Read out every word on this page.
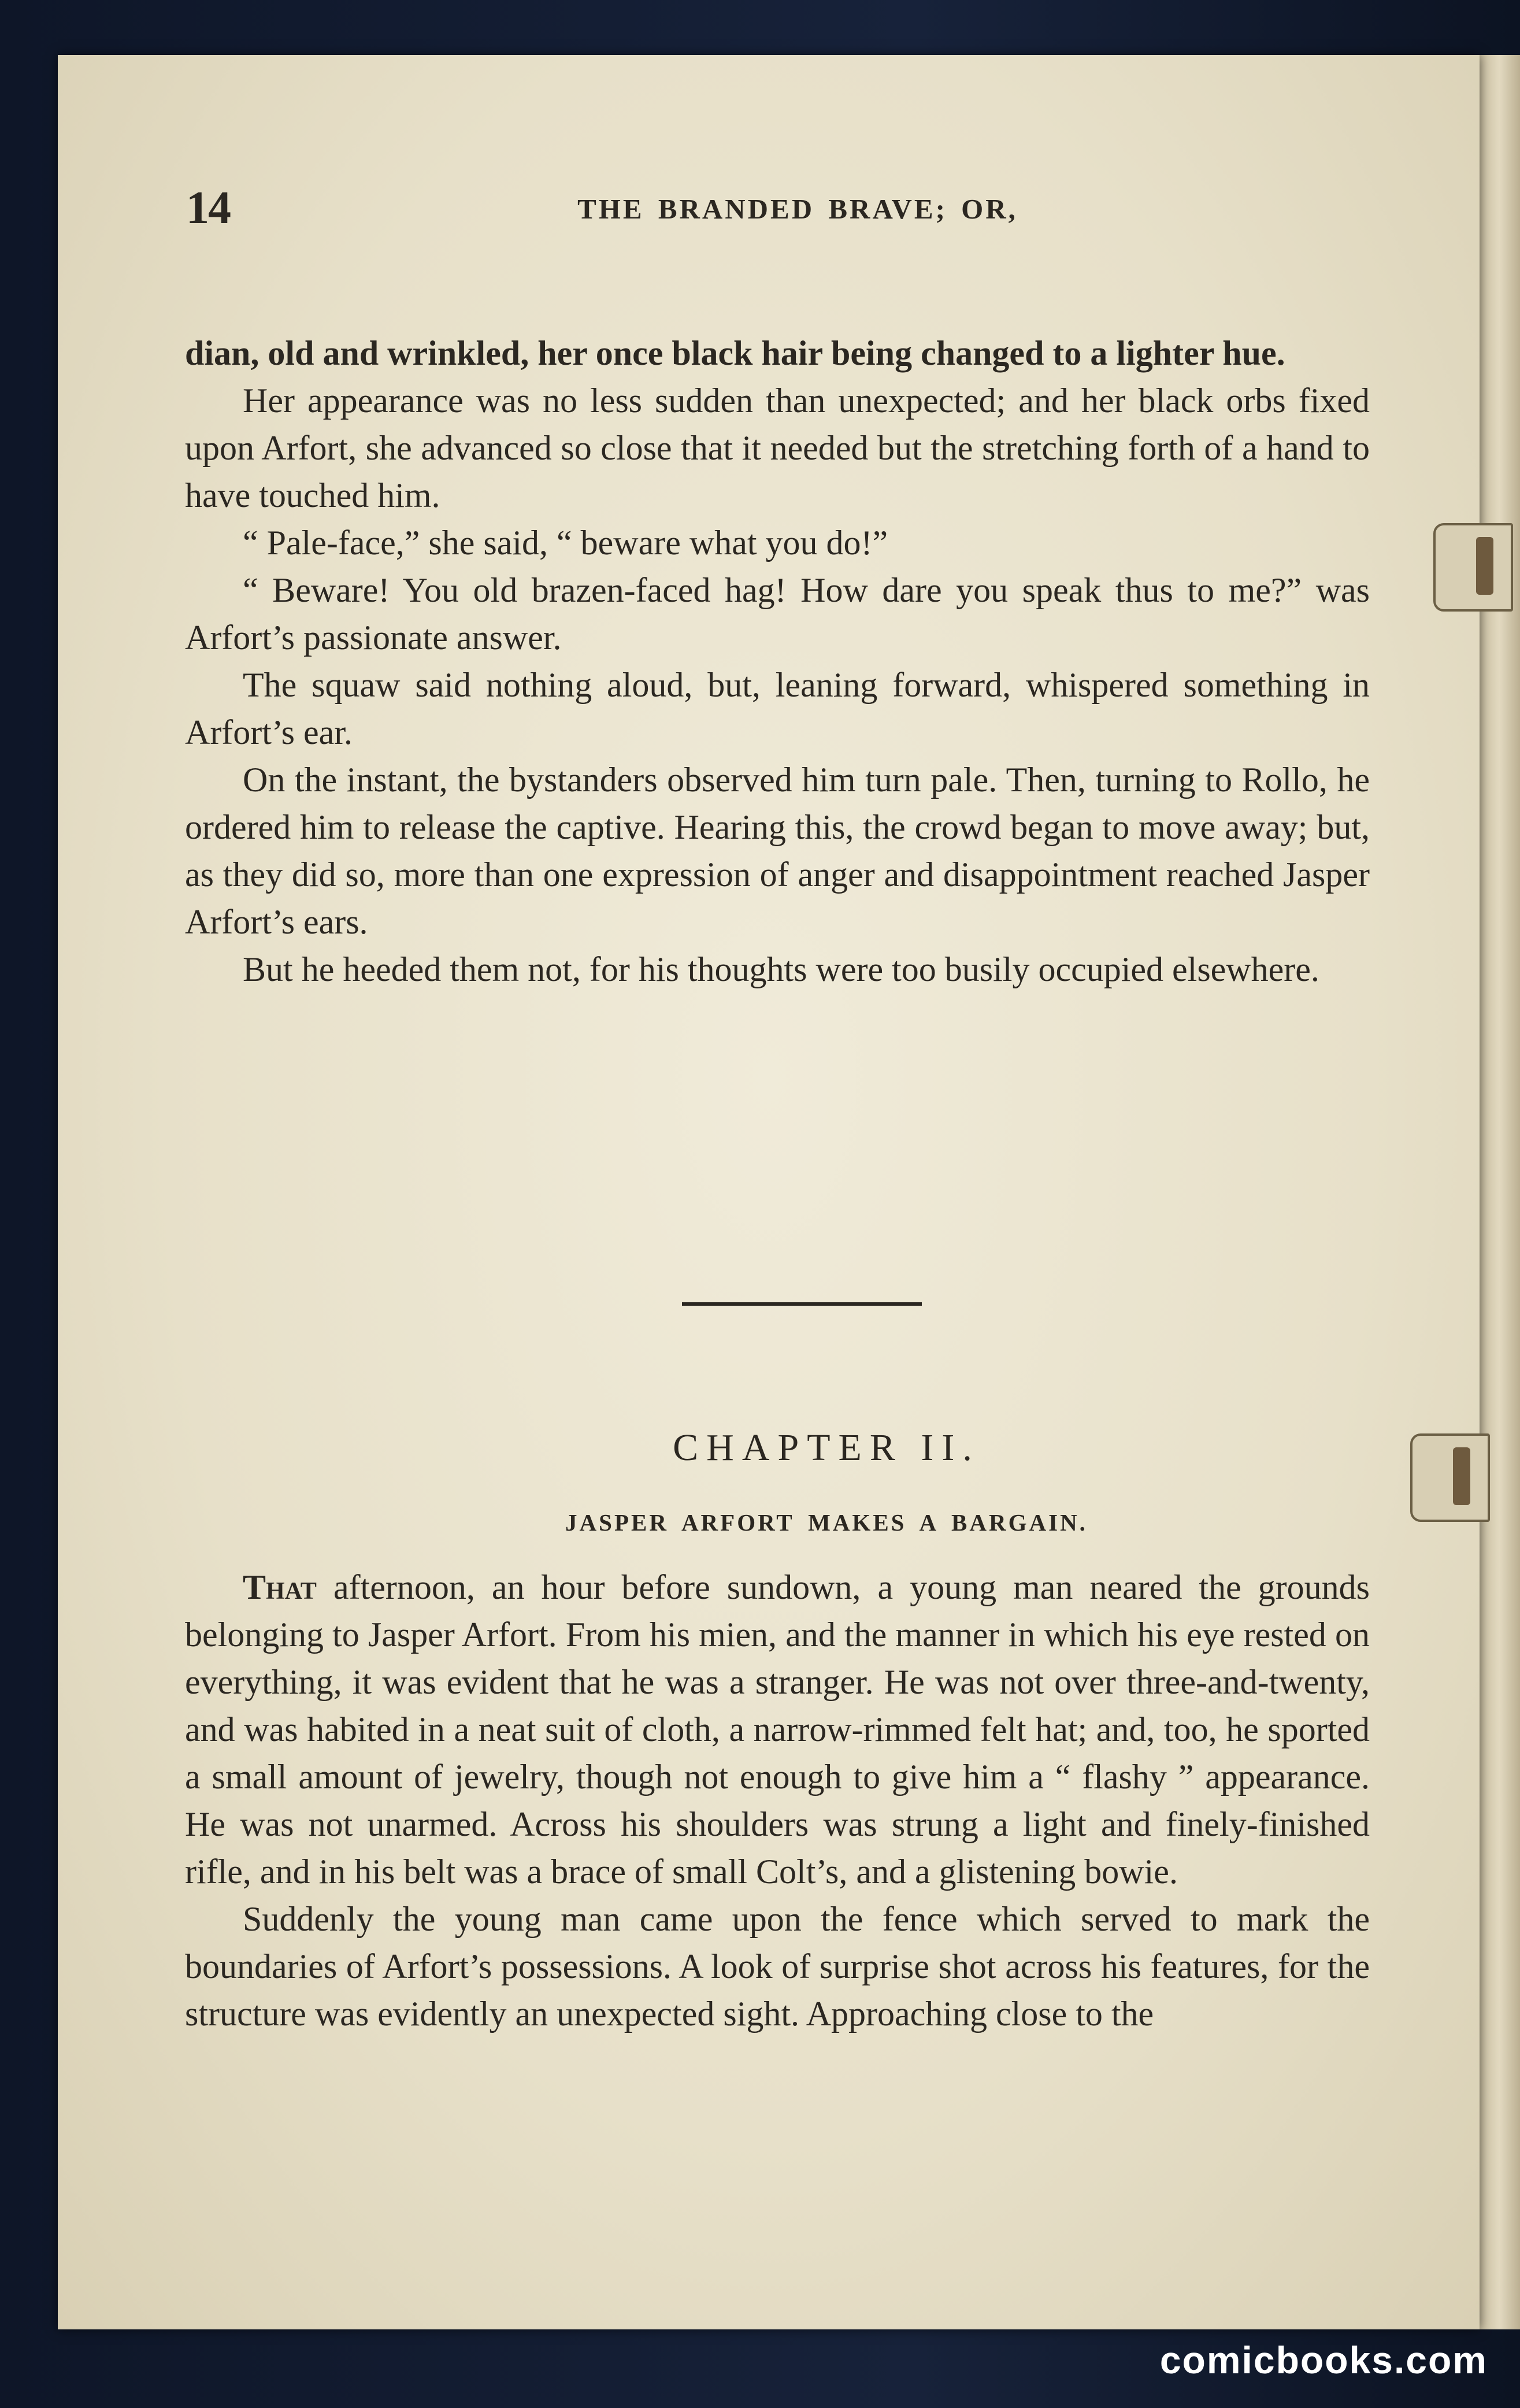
14	THE BRANDED BRAVE; OR,

dian, old and wrinkled, her once black hair being changed to a lighter hue.

Her appearance was no less sudden than unexpected; and her black orbs fixed upon Arfort, she advanced so close that it needed but the stretching forth of a hand to have touched him.

“ Pale-face,” she said, “ beware what you do!”

“ Beware! You old brazen-faced hag! How dare you speak thus to me?” was Arfort’s passionate answer.

The squaw said nothing aloud, but, leaning forward, whispered something in Arfort’s ear.

On the instant, the bystanders observed him turn pale. Then, turning to Rollo, he ordered him to release the captive. Hearing this, the crowd began to move away; but, as they did so, more than one expression of anger and disappointment reached Jasper Arfort’s ears.

But he heeded them not, for his thoughts were too busily occupied elsewhere.

CHAPTER II.
JASPER ARFORT MAKES A BARGAIN.

That afternoon, an hour before sundown, a young man neared the grounds belonging to Jasper Arfort. From his mien, and the manner in which his eye rested on everything, it was evident that he was a stranger. He was not over three-and-twenty, and was habited in a neat suit of cloth, a narrow-rimmed felt hat; and, too, he sported a small amount of jewelry, though not enough to give him a “ flashy ” appearance. He was not unarmed. Across his shoulders was strung a light and finely-finished rifle, and in his belt was a brace of small Colt’s, and a glistening bowie.

Suddenly the young man came upon the fence which served to mark the boundaries of Arfort’s possessions. A look of surprise shot across his features, for the structure was evidently an unexpected sight. Approaching close to the

comicbooks.com
